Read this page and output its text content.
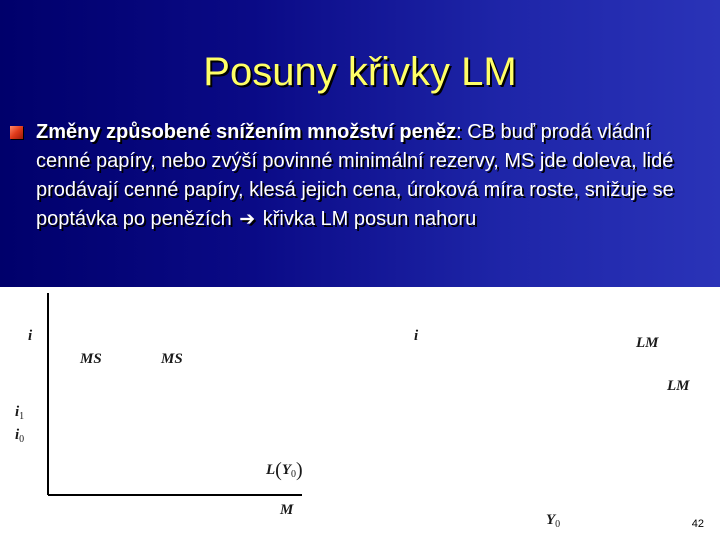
Posuny křivky LM

Změny způsobené snížením množství peněz: CB buď prodá vládní cenné papíry, nebo zvýší povinné minimální rezervy, MS jde doleva, lidé prodávají cenné papíry, klesá jejich cena, úroková míra roste, snižuje se poptávka po penězích ➔ křivka LM posun nahoru

i
MS	MS
$i_1$
$i_0$
$L(Y_0)$
M
i	LM
LM
$Y_0$	42
